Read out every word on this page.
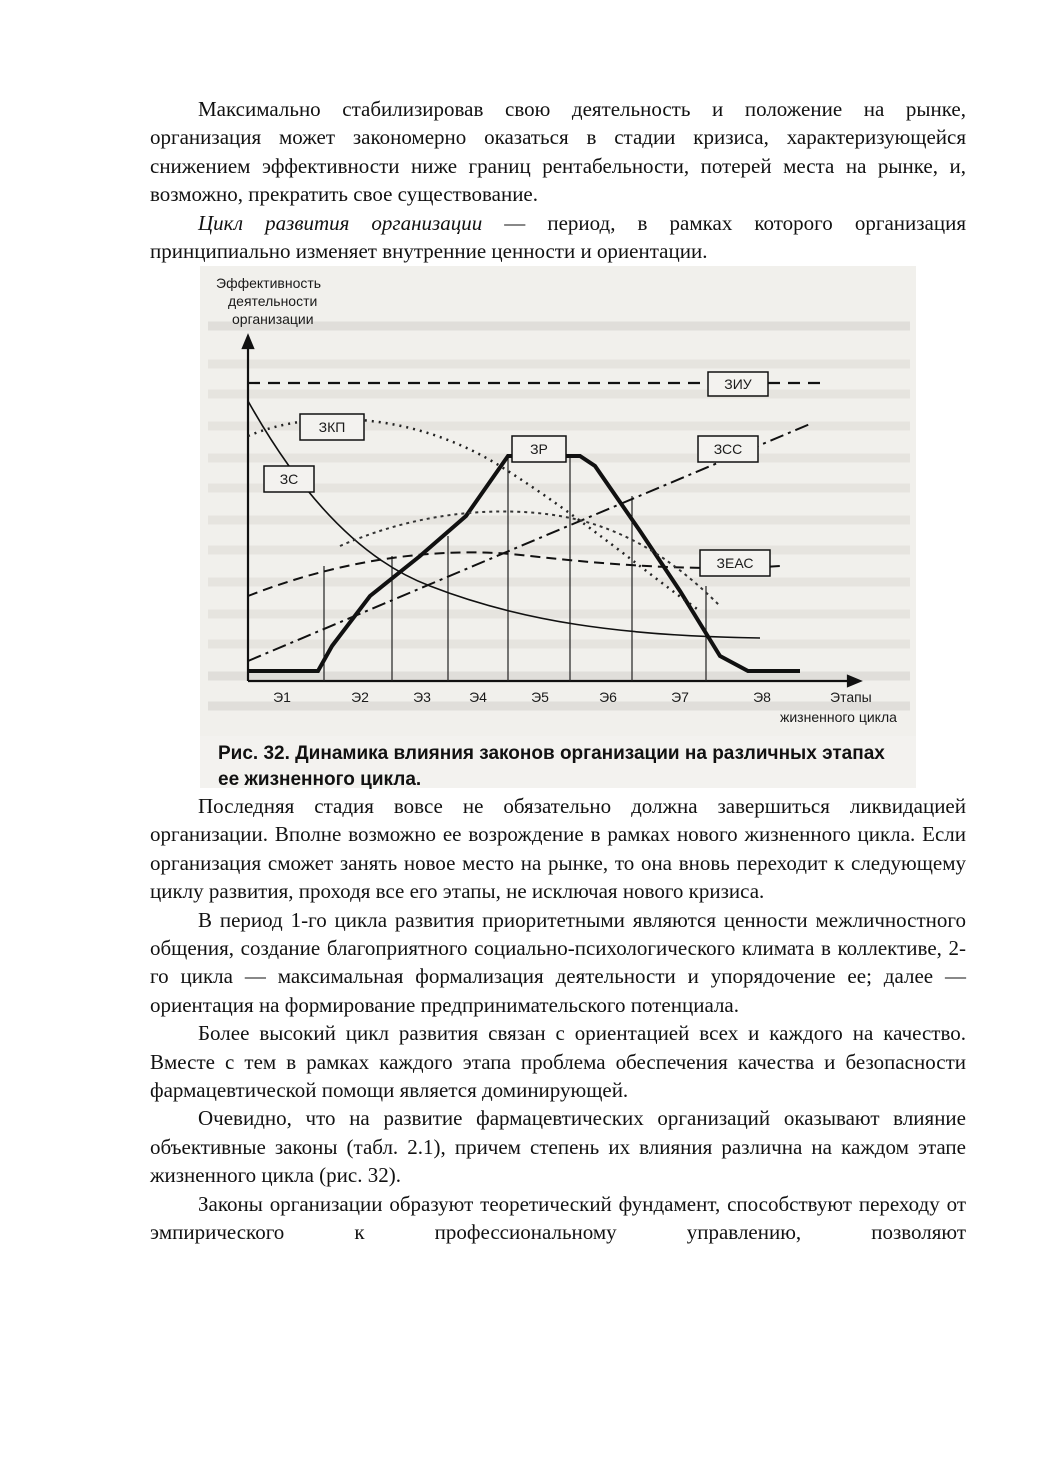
Максимально стабилизировав свою деятельность и положение на рынке, организация может закономерно оказаться в стадии кризиса, характеризующейся снижением эффективности ниже границ рентабельности, потерей места на рынке, и, возможно, прекратить свое существование.

Цикл развития организации — период, в рамках которого организация принципиально изменяет внутренние ценности и ориентации.

Эффективность
деятельности
организации
ЗИУ
ЗКП
ЗР	ЗСС
ЗС
ЗЕАС
Э1	Э2	Э3	Э4	Э5	Э6	Э7	Э8	Этапы
жизненного цикла

Рис. 32. Динамика влияния законов организации на различных этапах ее жизненного цикла.

Последняя стадия вовсе не обязательно должна завершиться ликвидацией организации. Вполне возможно ее возрождение в рамках нового жизненного цикла. Если организация сможет занять новое место на рынке, то она вновь переходит к следующему циклу развития, проходя все его этапы, не исключая нового кризиса.

В период 1-го цикла развития приоритетными являются ценности межличностного общения, создание благоприятного социально-психологического климата в коллективе, 2-го цикла — максимальная формализация деятельности и упорядочение ее; далее — ориентация на формирование предпринимательского потенциала.

Более высокий цикл развития связан с ориентацией всех и каждого на качество. Вместе с тем в рамках каждого этапа проблема обеспечения качества и безопасности фармацевтической помощи является доминирующей.

Очевидно, что на развитие фармацевтических организаций оказывают влияние объективные законы (табл. 2.1), причем степень их влияния различна на каждом этапе жизненного цикла (рис. 32).

Законы организации образуют теоретический фундамент, способствуют переходу от эмпирического к профессиональному управлению, позволяют
